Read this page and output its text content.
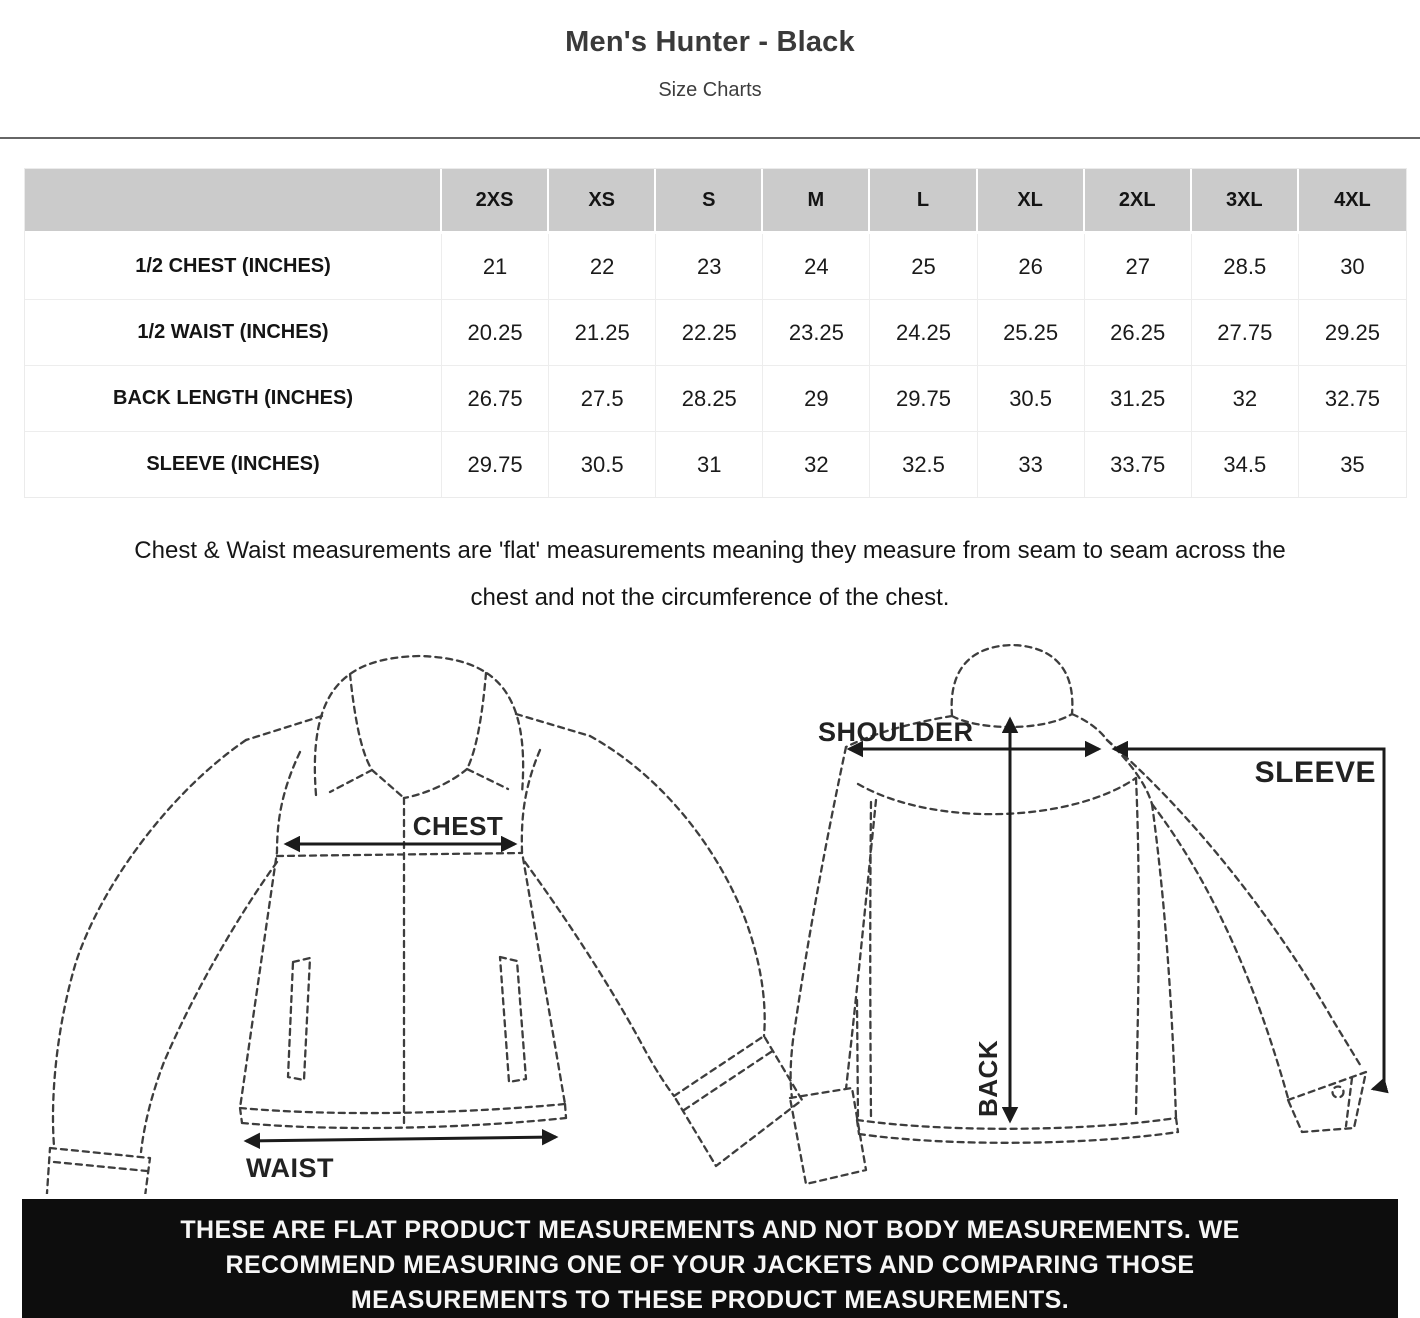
Men's Hunter - Black
Size Charts
	2XS	XS	S	M	L	XL	2XL	3XL	4XL
1/2 CHEST (INCHES)	21	22	23	24	25	26	27	28.5	30
1/2 WAIST (INCHES)	20.25	21.25	22.25	23.25	24.25	25.25	26.25	27.75	29.25
BACK LENGTH (INCHES)	26.75	27.5	28.25	29	29.75	30.5	31.25	32	32.75
SLEEVE (INCHES)	29.75	30.5	31	32	32.5	33	33.75	34.5	35
Chest & Waist measurements are 'flat' measurements meaning they measure from seam to seam across the
chest and not the circumference of the chest.
CHEST
WAIST
SHOULDER
BACK
SLEEVE
THESE ARE FLAT PRODUCT MEASUREMENTS AND NOT BODY MEASUREMENTS. WE
RECOMMEND MEASURING ONE OF YOUR JACKETS AND COMPARING THOSE
MEASUREMENTS TO THESE PRODUCT MEASUREMENTS.
